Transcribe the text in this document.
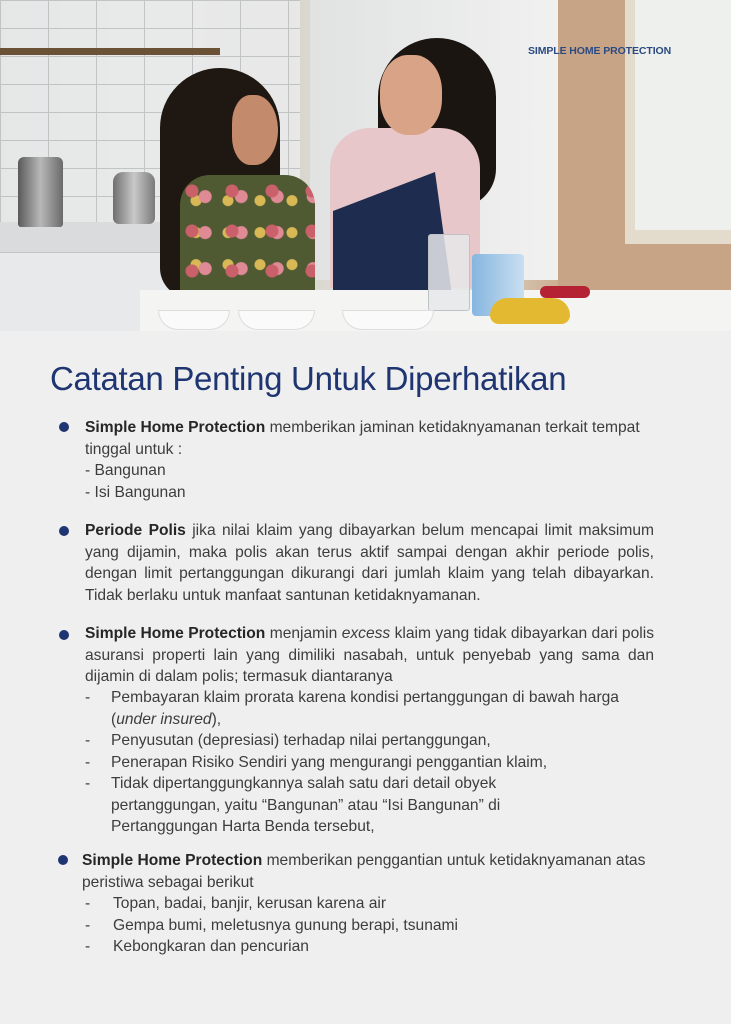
SIMPLE HOME PROTECTION
Catatan Penting Untuk Diperhatikan

Simple Home Protection memberikan jaminan ketidaknyamanan terkait tempat tinggal untuk :
- Bangunan
- Isi Bangunan

Periode Polis jika nilai klaim yang dibayarkan belum mencapai limit maksimum yang dijamin, maka polis akan terus aktif sampai dengan akhir periode polis, dengan limit pertanggungan dikurangi dari jumlah klaim yang telah dibayarkan. Tidak berlaku untuk manfaat santunan ketidaknyamanan.

Simple Home Protection menjamin excess klaim yang tidak dibayarkan dari polis asuransi properti lain yang dimiliki nasabah, untuk penyebab yang sama dan dijamin di dalam polis; termasuk diantaranya

-	Pembayaran klaim prorata karena kondisi pertanggungan di bawah harga (under insured),
-	Penyusutan (depresiasi) terhadap nilai pertanggungan,
-	Penerapan Risiko Sendiri yang mengurangi penggantian klaim,
-	Tidak dipertanggungkannya salah satu dari detail obyek pertanggungan, yaitu “Bangunan” atau “Isi Bangunan” di Pertanggungan Harta Benda tersebut,

Simple Home Protection memberikan penggantian untuk ketidaknyamanan atas peristiwa sebagai berikut

-	Topan, badai, banjir, kerusan karena air
-	Gempa bumi, meletusnya gunung berapi, tsunami
-	Kebongkaran dan pencurian
